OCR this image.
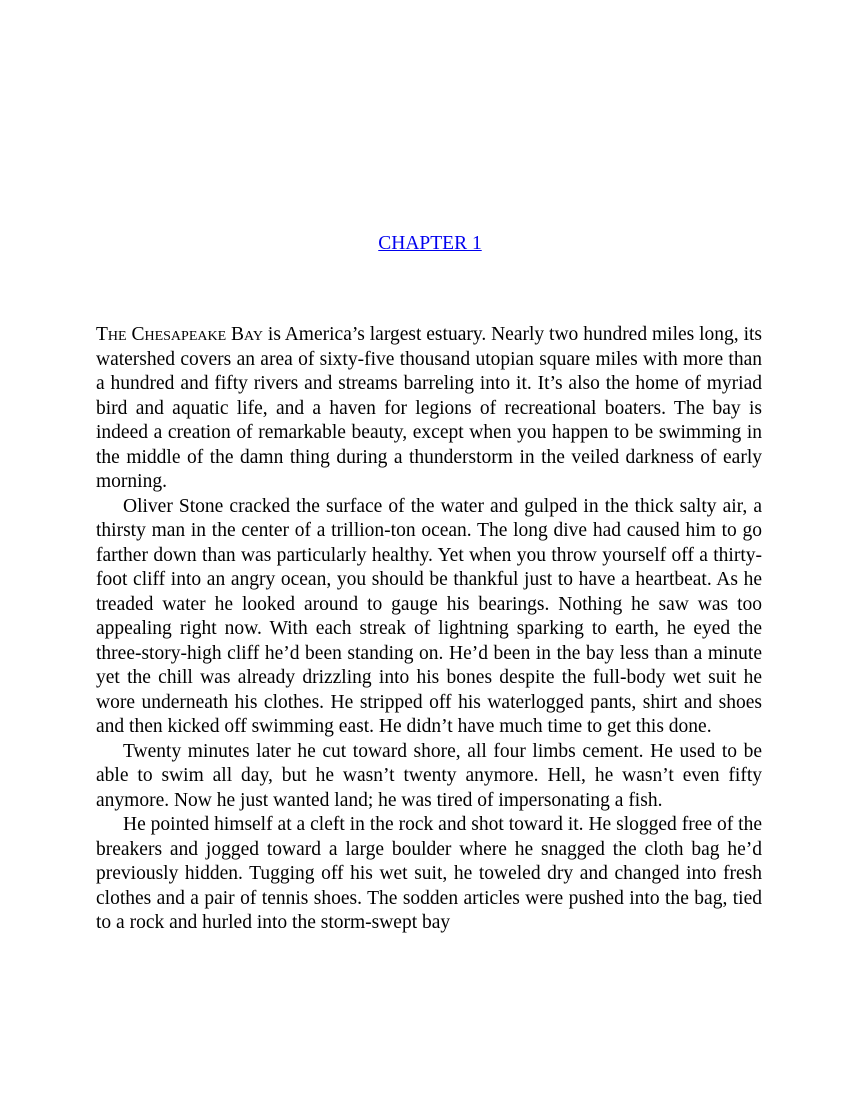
CHAPTER 1

The Chesapeake Bay is America’s largest estuary. Nearly two hundred miles long, its watershed covers an area of sixty-five thousand utopian square miles with more than a hundred and fifty rivers and streams barreling into it. It’s also the home of myriad bird and aquatic life, and a haven for legions of recreational boaters. The bay is indeed a creation of remarkable beauty, except when you happen to be swimming in the middle of the damn thing during a thunderstorm in the veiled darkness of early morning.

Oliver Stone cracked the surface of the water and gulped in the thick salty air, a thirsty man in the center of a trillion-ton ocean. The long dive had caused him to go farther down than was particularly healthy. Yet when you throw yourself off a thirty-foot cliff into an angry ocean, you should be thankful just to have a heartbeat. As he treaded water he looked around to gauge his bearings. Nothing he saw was too appealing right now. With each streak of lightning sparking to earth, he eyed the three-story-high cliff he’d been standing on. He’d been in the bay less than a minute yet the chill was already drizzling into his bones despite the full-body wet suit he wore underneath his clothes. He stripped off his waterlogged pants, shirt and shoes and then kicked off swimming east. He didn’t have much time to get this done.

Twenty minutes later he cut toward shore, all four limbs cement. He used to be able to swim all day, but he wasn’t twenty anymore. Hell, he wasn’t even fifty anymore. Now he just wanted land; he was tired of impersonating a fish.

He pointed himself at a cleft in the rock and shot toward it. He slogged free of the breakers and jogged toward a large boulder where he snagged the cloth bag he’d previously hidden. Tugging off his wet suit, he toweled dry and changed into fresh clothes and a pair of tennis shoes. The sodden articles were pushed into the bag, tied to a rock and hurled into the storm-swept bay
